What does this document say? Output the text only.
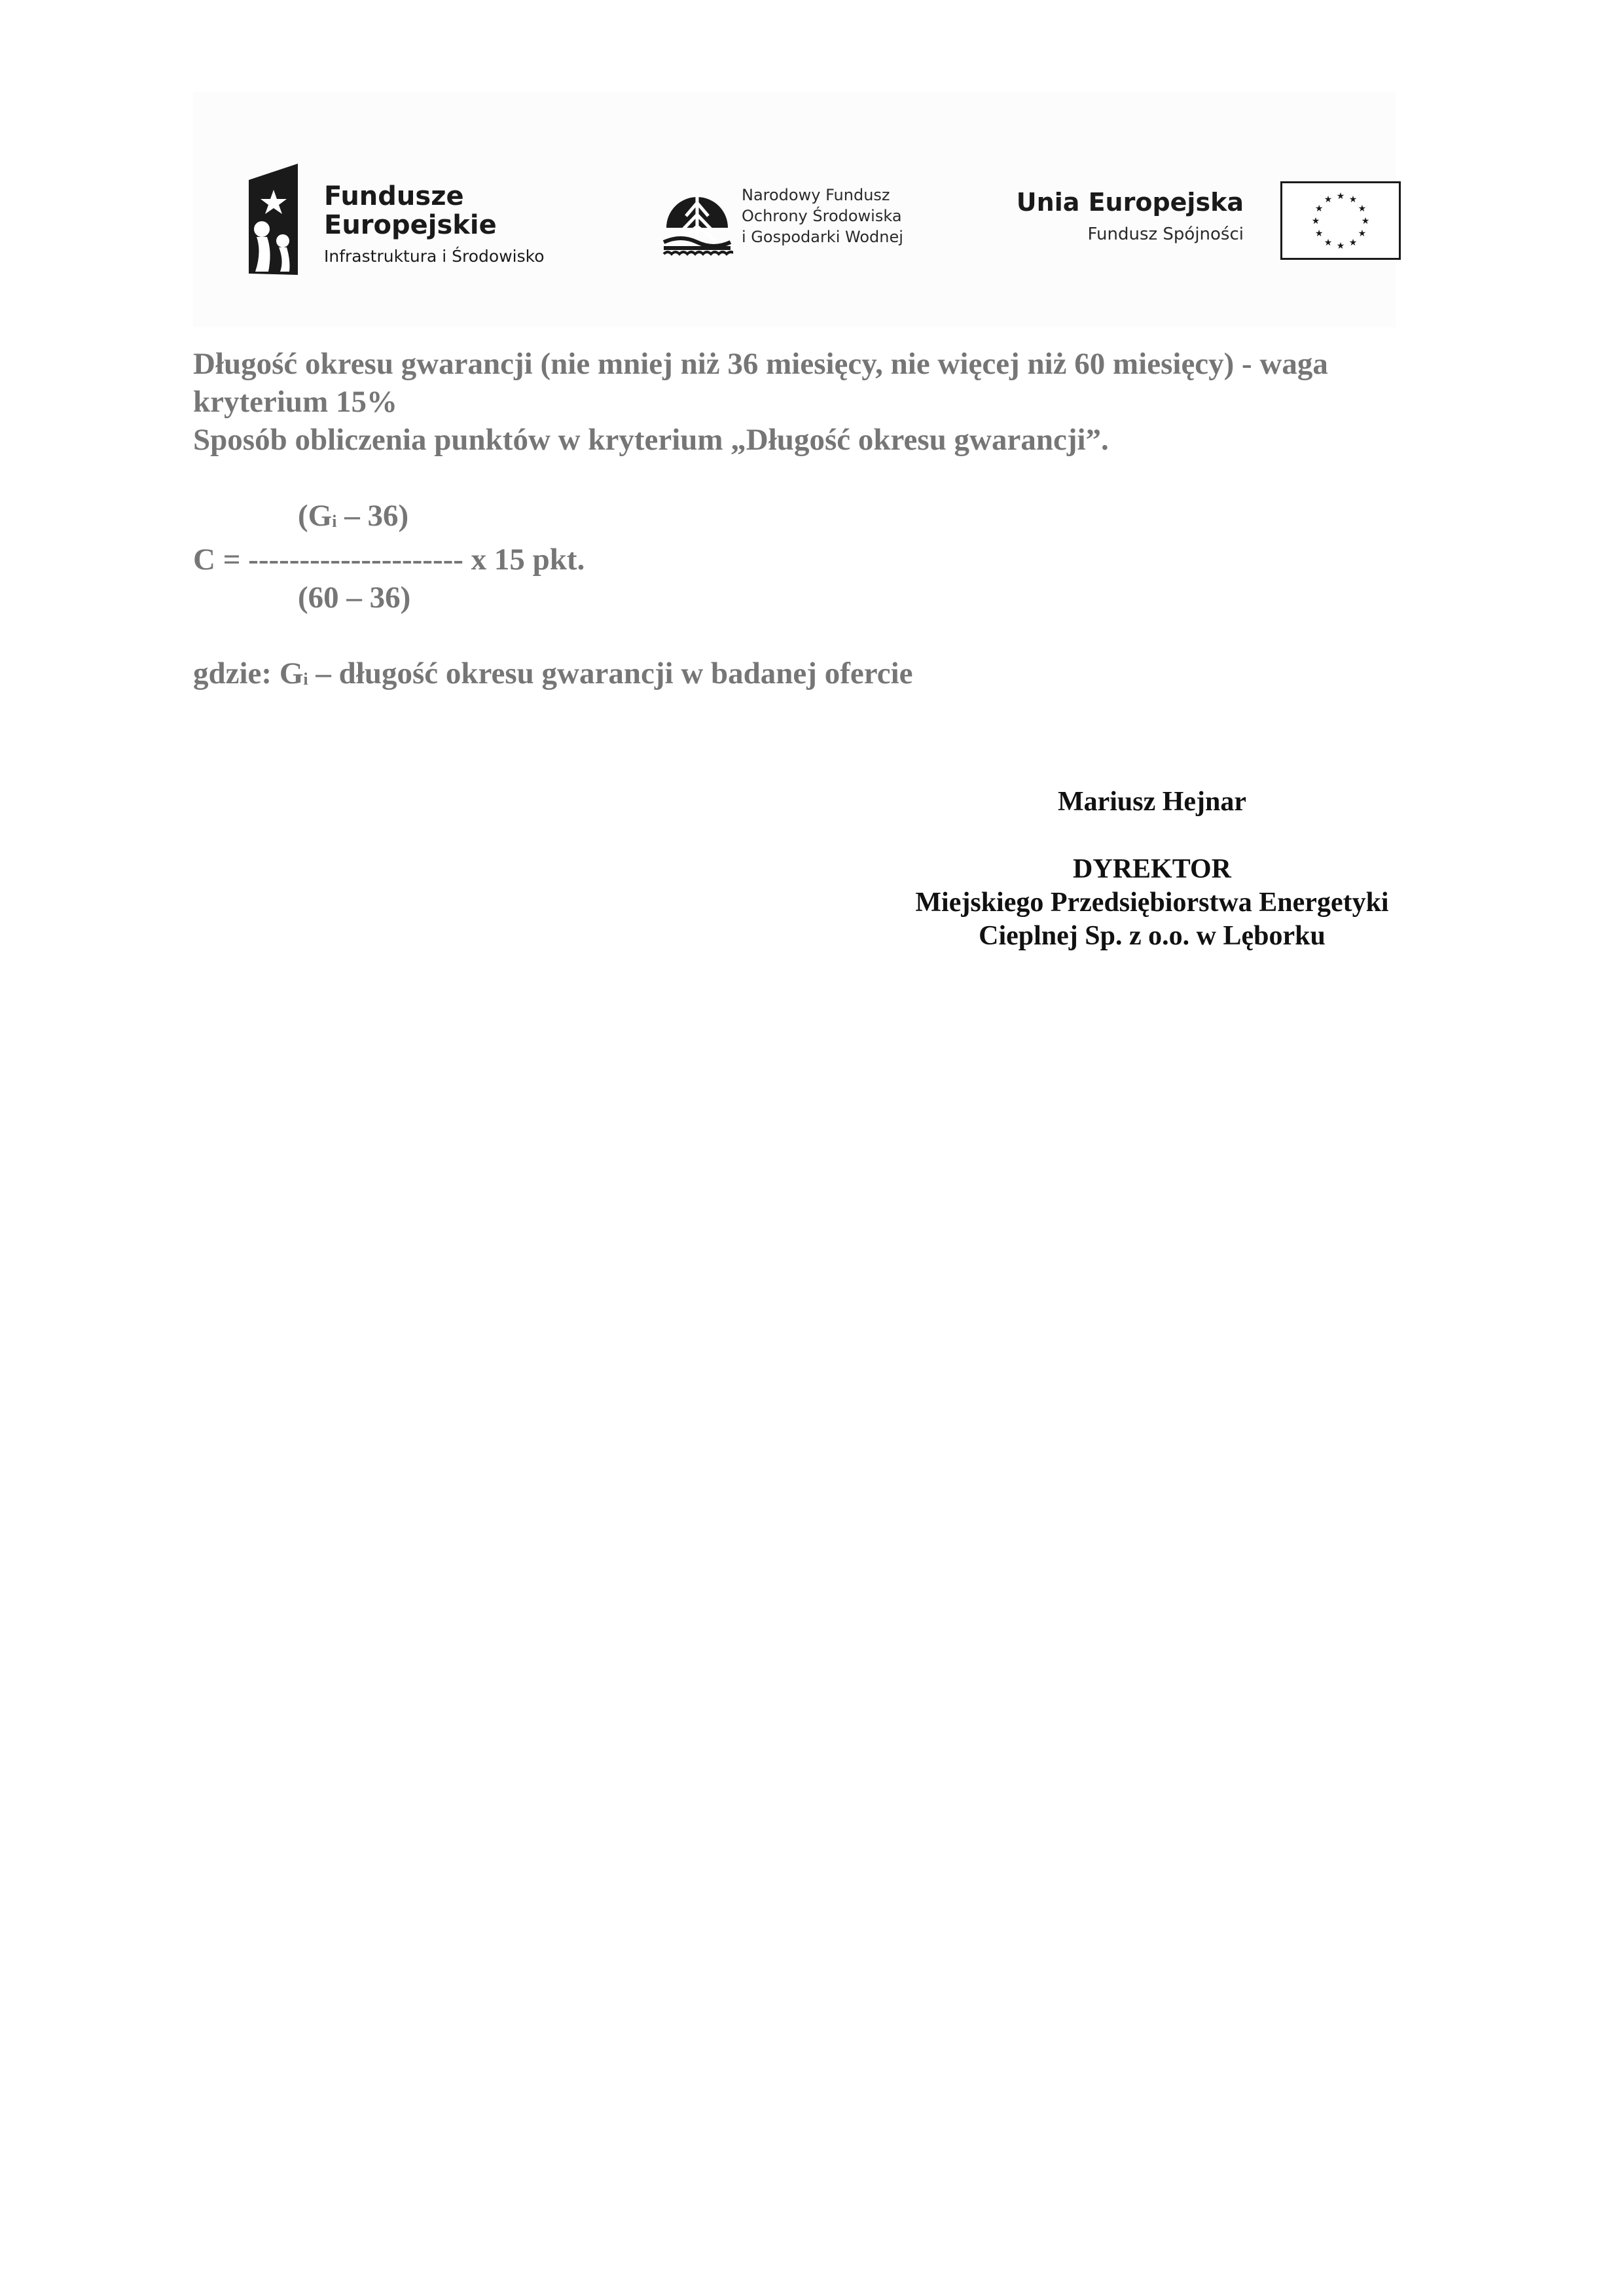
Fundusze
Europejskie
Infrastruktura i Środowisko
Narodowy Fundusz
Ochrony Środowiska
i Gospodarki Wodnej
Unia Europejska
Fundusz Spójności
★ ★
★
★
★
★
★
★
★
★
★
★

Długość okresu gwarancji (nie mniej niż 36 miesięcy, nie więcej niż 60 miesięcy) - waga

kryterium 15%

Sposób obliczenia punktów w kryterium „Długość okresu gwarancji”.

$(G_i - 36)$
C = --------------------- x 15 pkt.
(60 – 36)

gdzie: $G_i$ – długość okresu gwarancji w badanej ofercie

Mariusz Hejnar
DYREKTOR
Miejskiego Przedsiębiorstwa Energetyki
Cieplnej Sp. z o.o. w Lęborku
